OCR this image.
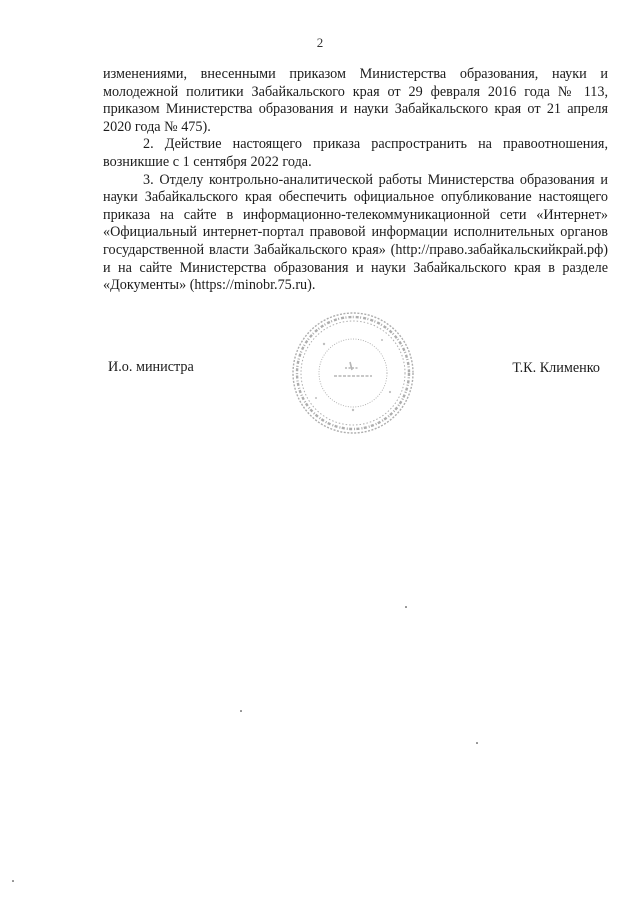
2

изменениями, внесенными приказом Министерства образования, науки и молодежной политики Забайкальского края от 29 февраля 2016 года № 113, приказом Министерства образования и науки Забайкальского края от 21 апреля 2020 года № 475).

2. Действие настоящего приказа распространить на правоотношения, возникшие с 1 сентября 2022 года.

3. Отделу контрольно-аналитической работы Министерства образования и науки Забайкальского края обеспечить официальное опубликование настоящего приказа на сайте в информационно-телекоммуникационной сети «Интернет» «Официальный интернет-портал правовой информации исполнительных органов государственной власти Забайкальского края» (http://право.забайкальскийкрай.рф) и на сайте Министерства образования и науки Забайкальского края в разделе «Документы» (https://minobr.75.ru).

И.о. министра	Т.К. Клименко
